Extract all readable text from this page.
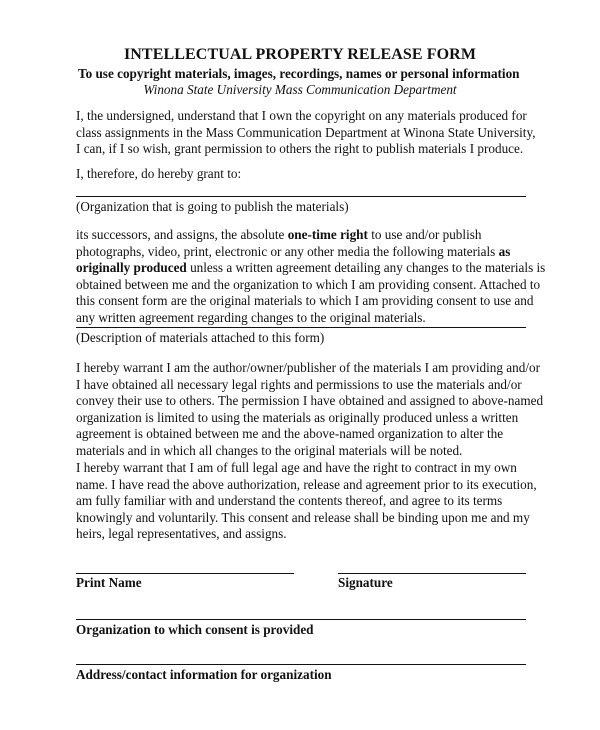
INTELLECTUAL PROPERTY RELEASE FORM
To use copyright materials, images, recordings, names or personal information
Winona State University Mass Communication Department
I, the undersigned, understand that I own the copyright on any materials produced for
class assignments in the Mass Communication Department at Winona State University,
I can, if I so wish, grant permission to others the right to publish materials I produce.
I, therefore, do hereby grant to:
(Organization that is going to publish the materials)
its successors, and assigns, the absolute one-time right to use and/or publish
photographs, video, print, electronic or any other media the following materials as
originally produced unless a written agreement detailing any changes to the materials is
obtained between me and the organization to which I am providing consent. Attached to
this consent form are the original materials to which I am providing consent to use and
any written agreement regarding changes to the original materials.
(Description of materials attached to this form)
I hereby warrant I am the author/owner/publisher of the materials I am providing and/or
I have obtained all necessary legal rights and permissions to use the materials and/or
convey their use to others. The permission I have obtained and assigned to above-named
organization is limited to using the materials as originally produced unless a written
agreement is obtained between me and the above-named organization to alter the
materials and in which all changes to the original materials will be noted.
I hereby warrant that I am of full legal age and have the right to contract in my own
name. I have read the above authorization, release and agreement prior to its execution,
am fully familiar with and understand the contents thereof, and agree to its terms
knowingly and voluntarily. This consent and release shall be binding upon me and my
heirs, legal representatives, and assigns.
Print Name	Signature
Organization to which consent is provided
Address/contact information for organization
